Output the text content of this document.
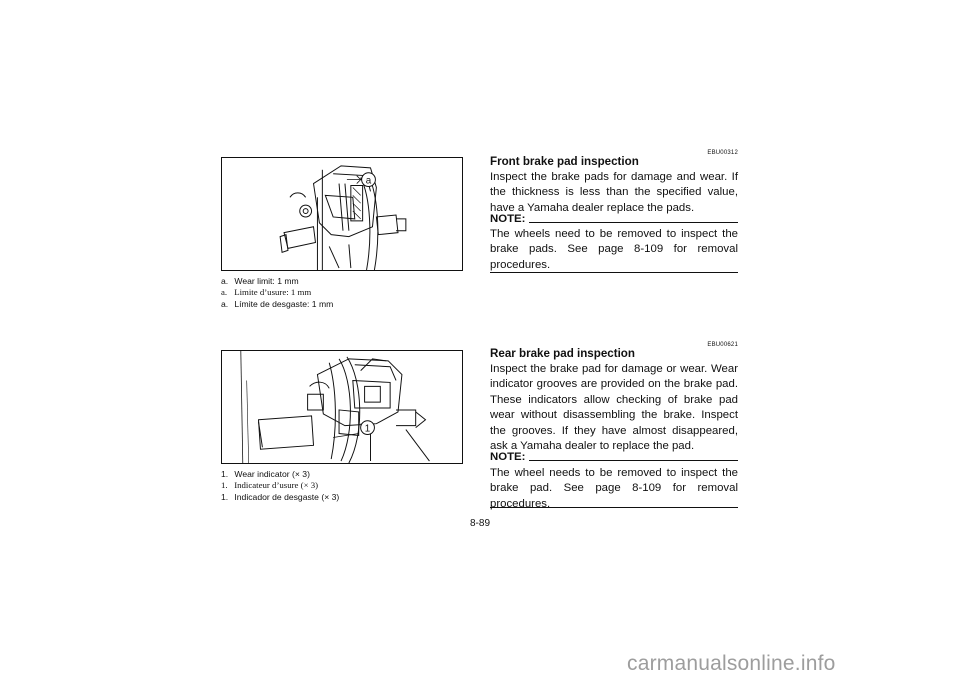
a
a. Wear limit: 1 mm
a. Limite d’usure: 1 mm
a. Límite de desgaste: 1 mm
1
1. Wear indicator (× 3)
1. Indicateur d’usure (× 3)
1. Indicador de desgaste (× 3)
EBU00312
Front brake pad inspection

Inspect the brake pads for damage and wear. If the thickness is less than the specified value, have a Yamaha dealer replace the pads.

NOTE:

The wheels need to be removed to inspect the brake pads. See page 8-109 for removal procedures.

EBU00621
Rear brake pad inspection

Inspect the brake pad for damage or wear. Wear indicator grooves are provided on the brake pad. These indicators allow checking of brake pad wear without disassembling the brake. Inspect the grooves. If they have almost disappeared, ask a Yamaha dealer to replace the pad.

NOTE:

The wheel needs to be removed to inspect the brake pad. See page 8-109 for removal procedures.

8-89
carmanualsonline.info
